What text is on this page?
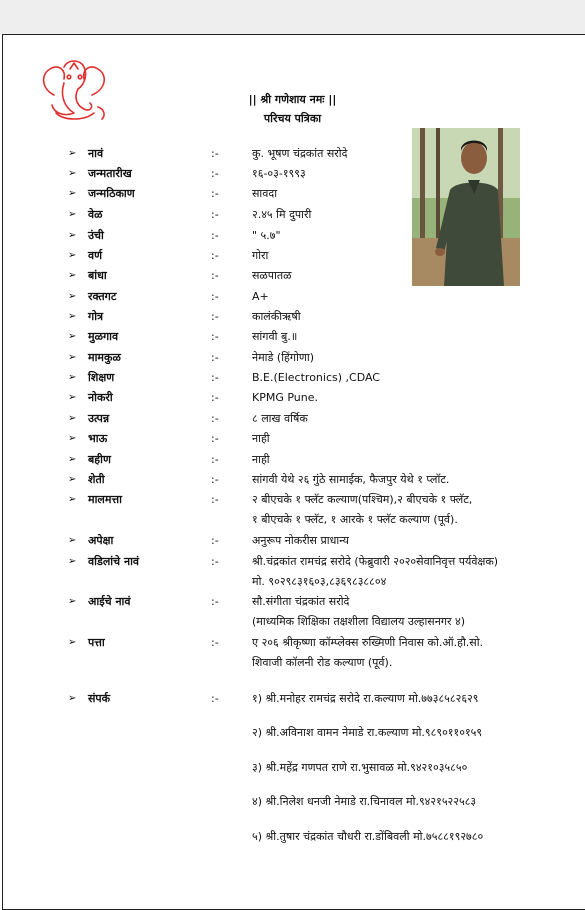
|| श्री गणेशाय नमः ||
परिचय पत्रिका
➢ नावं	:-	कु. भूषण चंद्रकांत सरोदे
➢ जन्मतारीख	:-	१६-०३-१९९३
➢ जन्मठिकाण	:-	सावदा
➢ वेळ	:-	२.४५ मि दुपारी
➢ उंची	:-	" ५.७"
➢ वर्ण	:-	गोरा
➢ बांधा	:-	सळपातळ
➢ रक्तगट	:-	A+
➢ गोत्र	:-	कालंकीऋषी
➢ मुळगाव	:-	सांगवी बु.॥
➢ मामकुळ	:-	नेमाडे (हिंगोणा)
➢ शिक्षण	:-	B.E.(Electronics) ,CDAC
➢ नोकरी	:-	KPMG Pune.
➢ उत्पन्न	:-	८ लाख वर्षिक
➢ भाऊ	:-	नाही
➢ बहीण	:-	नाही
➢ शेती	:-	सांगवी येथे २६ गुंठे सामाईक, फैजपुर येथे १ प्लॉट.
➢ मालमत्ता	:-	२ बीएचके १ फ्लॅट कल्याण(पश्चिम),२ बीएचके १ फ्लॅट,
१ बीएचके १ फ्लॅट, १ आरके १ फ्लॅट कल्याण (पूर्व).
➢ अपेक्षा	:-	अनुरूप नोकरीस प्राधान्य
➢ वडिलांचे नावं	:-	श्री.चंद्रकांत रामचंद्र सरोदे (फेब्रुवारी २०२०सेवानिवृत्त पर्यवेक्षक)
मो. ९०२९८३१६०३,८३६९८३८८०४
➢ आईचे नावं	:-	सौ.संगीता चंद्रकांत सरोदे
(माध्यमिक शिक्षिका तक्षशीला विद्यालय उल्हासनगर ४)
➢ पत्ता	:-	ए २०६ श्रीकृष्णा कॉम्प्लेक्स रुख्मिणी निवास को.ऑ.हौ.सो.
शिवाजी कॉलनी रोड कल्याण (पूर्व).
➢ संपर्क	:-	१) श्री.मनोहर रामचंद्र सरोदे रा.कल्याण मो.७७३८५८२६२९
२) श्री.अविनाश वामन नेमाडे रा.कल्याण मो.९८९०११०१५९
३) श्री.महेंद्र गणपत राणे रा.भुसावळ मो.९४२१०३५८५०
४) श्री.निलेश धनजी नेमाडे रा.चिनावल मो.९४२१५२२५८३
५) श्री.तुषार चंद्रकांत चौधरी रा.डोंबिवली मो.७५८८१९२७८०
